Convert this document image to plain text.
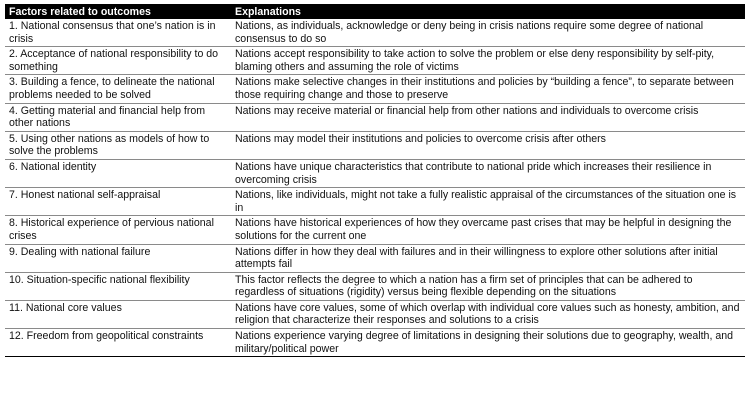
Factors related to outcomes	Explanations
1. National consensus that one’s nation is in crisis	Nations, as individuals, acknowledge or deny being in crisis nations require some degree of national consensus to do so
2. Acceptance of national responsibility to do something	Nations accept responsibility to take action to solve the problem or else deny responsibility by self-pity, blaming others and assuming the role of victims
3. Building a fence, to delineate the national problems needed to be solved	Nations make selective changes in their institutions and policies by “building a fence”, to separate between those requiring change and those to preserve
4. Getting material and financial help from other nations	Nations may receive material or financial help from other nations and individuals to overcome crisis
5. Using other nations as models of how to solve the problems	Nations may model their institutions and policies to overcome crisis after others
6. National identity	Nations have unique characteristics that contribute to national pride which increases their resilience in overcoming crisis
7. Honest national self-appraisal	Nations, like individuals, might not take a fully realistic appraisal of the circumstances of the situation one is in
8. Historical experience of pervious national crises	Nations have historical experiences of how they overcame past crises that may be helpful in designing the solutions for the current one
9. Dealing with national failure	Nations differ in how they deal with failures and in their willingness to explore other solutions after initial attempts fail
10. Situation-specific national flexibility	This factor reflects the degree to which a nation has a firm set of principles that can be adhered to regardless of situations (rigidity) versus being flexible depending on the situations
11. National core values	Nations have core values, some of which overlap with individual core values such as honesty, ambition, and religion that characterize their responses and solutions to a crisis
12. Freedom from geopolitical constraints	Nations experience varying degree of limitations in designing their solutions due to geography, wealth, and military/political power
